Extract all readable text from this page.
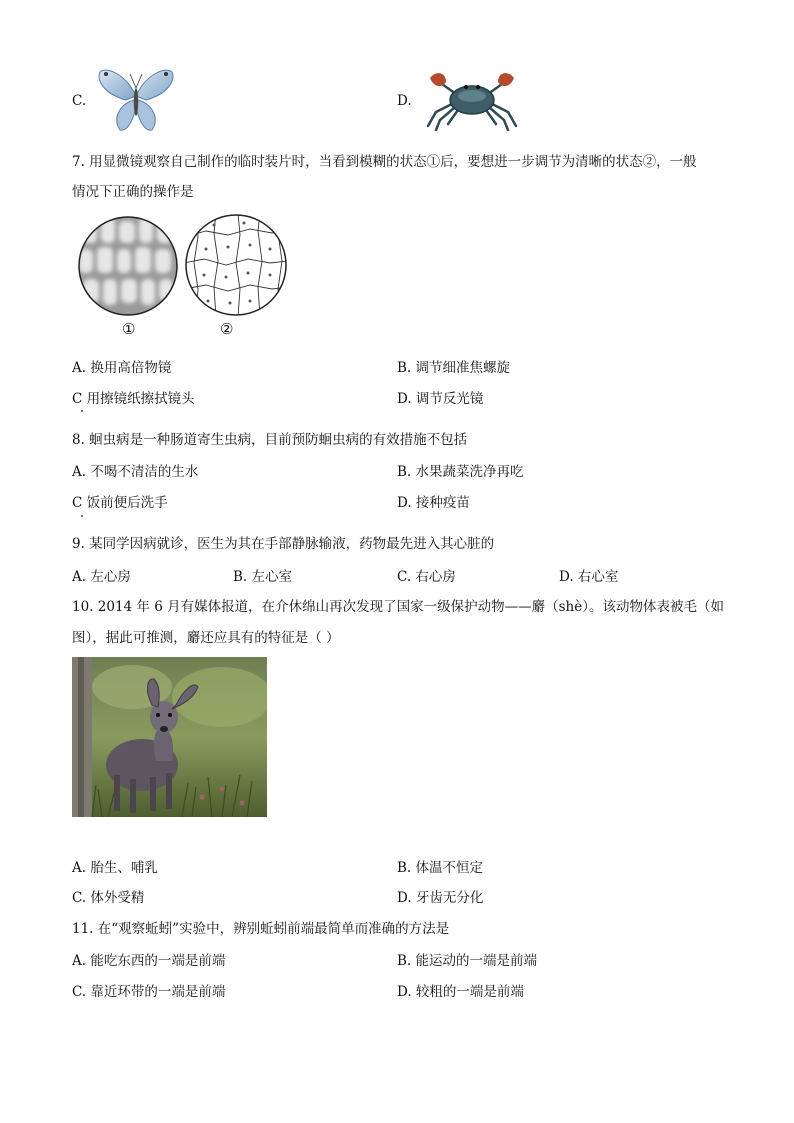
C.	D.
7. 用显微镜观察自己制作的临时装片时，当看到模糊的状态①后，要想进一步调节为清晰的状态②，一般
情况下正确的操作是
①	②
A. 换用高倍物镜	B. 调节细准焦螺旋
C 用擦镜纸擦拭镜头	D. 调节反光镜
8. 蛔虫病是一种肠道寄生虫病，目前预防蛔虫病的有效措施不包括
A. 不喝不清洁的生水	B. 水果蔬菜洗净再吃
C 饭前便后洗手	D. 接种疫苗
9. 某同学因病就诊，医生为其在手部静脉输液，药物最先进入其心脏的
A. 左心房	B. 左心室	C. 右心房	D. 右心室
10. 2014 年 6 月有媒体报道，在介休绵山再次发现了国家一级保护动物——麝（shè）。该动物体表被毛（如
图），据此可推测，麝还应具有的特征是（ ）
A. 胎生、哺乳	B. 体温不恒定
C. 体外受精	D. 牙齿无分化
11. 在“观察蚯蚓”实验中，辨别蚯蚓前端最简单而准确的方法是
A. 能吃东西的一端是前端	B. 能运动的一端是前端
C. 靠近环带的一端是前端	D. 较粗的一端是前端
